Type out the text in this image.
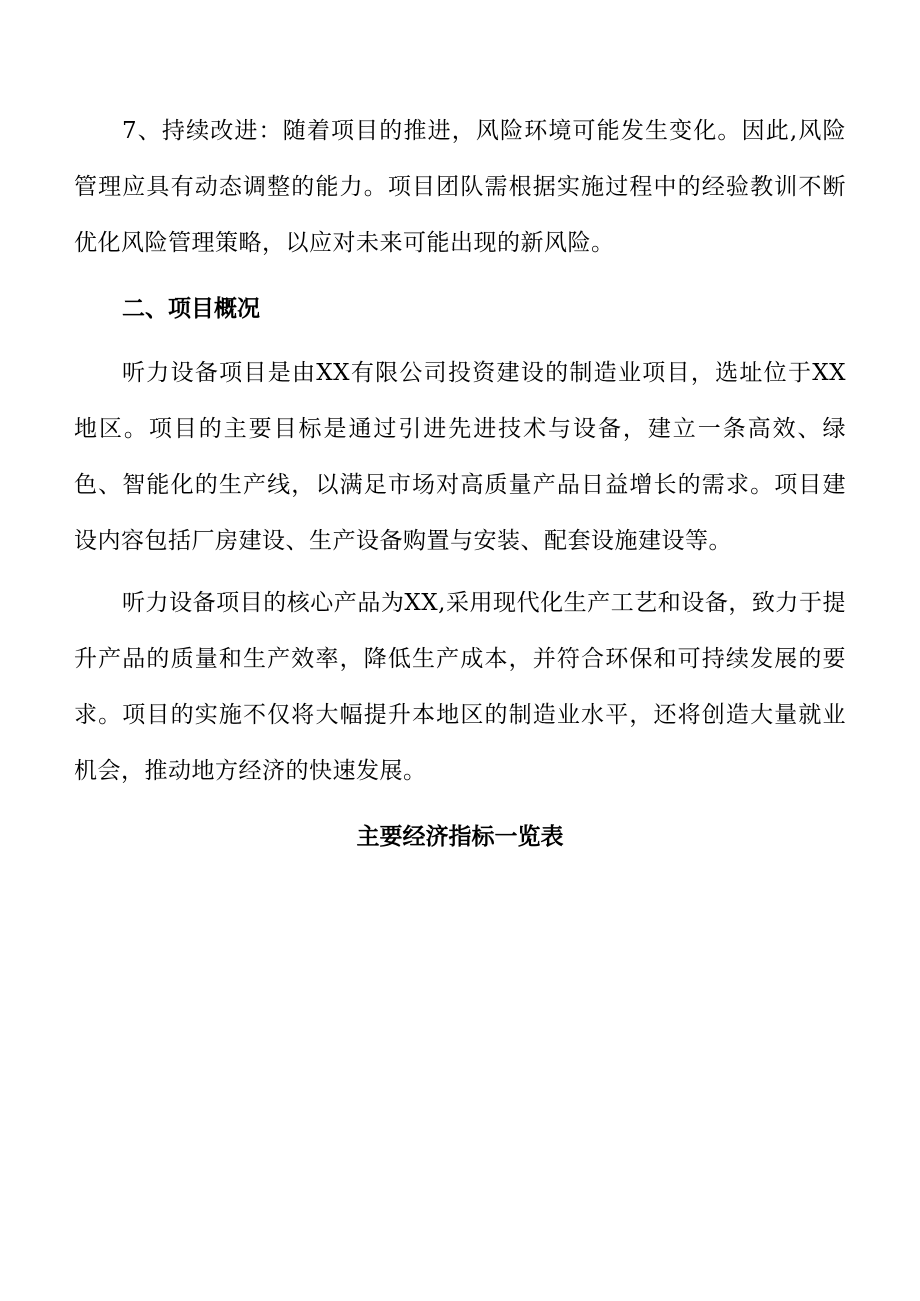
7、持续改进：随着项目的推进，风险环境可能发生变化。因此,风险管理应具有动态调整的能力。项目团队需根据实施过程中的经验教训不断优化风险管理策略，以应对未来可能出现的新风险。

二、项目概况

听力设备项目是由XX有限公司投资建设的制造业项目，选址位于XX地区。项目的主要目标是通过引进先进技术与设备，建立一条高效、绿色、智能化的生产线，以满足市场对高质量产品日益增长的需求。项目建设内容包括厂房建设、生产设备购置与安装、配套设施建设等。

听力设备项目的核心产品为XX,采用现代化生产工艺和设备，致力于提升产品的质量和生产效率，降低生产成本，并符合环保和可持续发展的要求。项目的实施不仅将大幅提升本地区的制造业水平，还将创造大量就业机会，推动地方经济的快速发展。

主要经济指标一览表
